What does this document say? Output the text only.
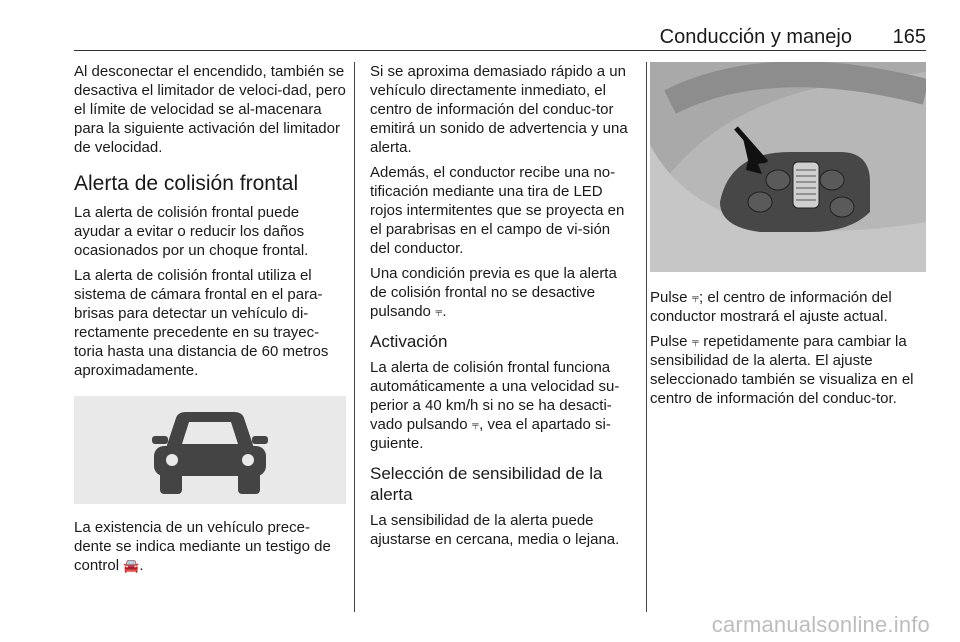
Conducción y manejo 165

Al desconectar el encendido, también se desactiva el limitador de veloci-dad, pero el límite de velocidad se al-macenara para la siguiente activación del limitador de velocidad.

Alerta de colisión frontal

La alerta de colisión frontal puede ayudar a evitar o reducir los daños ocasionados por un choque frontal.

La alerta de colisión frontal utiliza el sistema de cámara frontal en el para-brisas para detectar un vehículo di-rectamente precedente en su trayec-toria hasta una distancia de 60 metros aproximadamente.

La existencia de un vehículo prece-dente se indica mediante un testigo de control 🚘.

Si se aproxima demasiado rápido a un vehículo directamente inmediato, el centro de información del conduc-tor emitirá un sonido de advertencia y una alerta.

Además, el conductor recibe una no-tificación mediante una tira de LED rojos intermitentes que se proyecta en el parabrisas en el campo de vi-sión del conductor.

Una condición previa es que la alerta de colisión frontal no se desactive pulsando ⫧.

Activación

La alerta de colisión frontal funciona automáticamente a una velocidad su-perior a 40 km/h si no se ha desacti-vado pulsando ⫧, vea el apartado si-guiente.

Selección de sensibilidad de la alerta

La sensibilidad de la alerta puede ajustarse en cercana, media o lejana.

Pulse ⫧; el centro de información del conductor mostrará el ajuste actual.

Pulse ⫧ repetidamente para cambiar la sensibilidad de la alerta. El ajuste seleccionado también se visualiza en el centro de información del conduc-tor.

carmanualsonline.info
